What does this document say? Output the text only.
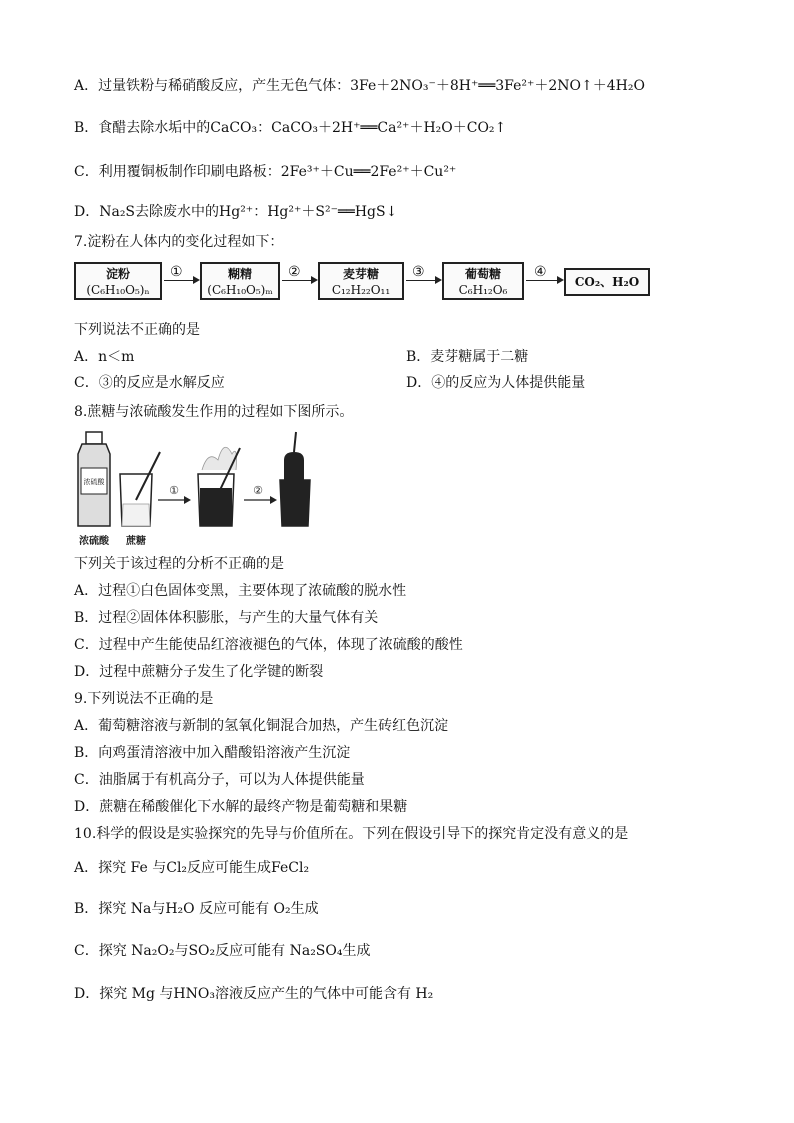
A．过量铁粉与稀硝酸反应，产生无色气体：3Fe＋2NO₃⁻＋8H⁺══3Fe²⁺＋2NO↑＋4H₂O
B．食醋去除水垢中的CaCO₃：CaCO₃＋2H⁺══Ca²⁺＋H₂O＋CO₂↑
C．利用覆铜板制作印刷电路板：2Fe³⁺＋Cu══2Fe²⁺＋Cu²⁺
D．Na₂S去除废水中的Hg²⁺：Hg²⁺＋S²⁻══HgS↓
7.淀粉在人体内的变化过程如下：
淀粉
(C₆H₁₀O₅)ₙ
①	糊精
(C₆H₁₀O₅)ₘ
②	麦芽糖
C₁₂H₂₂O₁₁
③	葡萄糖
C₆H₁₂O₆
④
CO₂、H₂O
下列说法不正确的是
A．n＜m	B．麦芽糖属于二糖
C．③的反应是水解反应	D．④的反应为人体提供能量
8.蔗糖与浓硫酸发生作用的过程如下图所示。
浓硫酸
①	②
浓硫酸 蔗糖
下列关于该过程的分析不正确的是
A．过程①白色固体变黑，主要体现了浓硫酸的脱水性
B．过程②固体体积膨胀，与产生的大量气体有关
C．过程中产生能使品红溶液褪色的气体，体现了浓硫酸的酸性
D．过程中蔗糖分子发生了化学键的断裂
9.下列说法不正确的是
A．葡萄糖溶液与新制的氢氧化铜混合加热，产生砖红色沉淀
B．向鸡蛋清溶液中加入醋酸铅溶液产生沉淀
C．油脂属于有机高分子，可以为人体提供能量
D．蔗糖在稀酸催化下水解的最终产物是葡萄糖和果糖
10.科学的假设是实验探究的先导与价值所在。下列在假设引导下的探究肯定没有意义的是
A．探究 Fe 与Cl₂反应可能生成FeCl₂
B．探究 Na与H₂O 反应可能有 O₂生成
C．探究 Na₂O₂与SO₂反应可能有 Na₂SO₄生成
D．探究 Mg 与HNO₃溶液反应产生的气体中可能含有 H₂
